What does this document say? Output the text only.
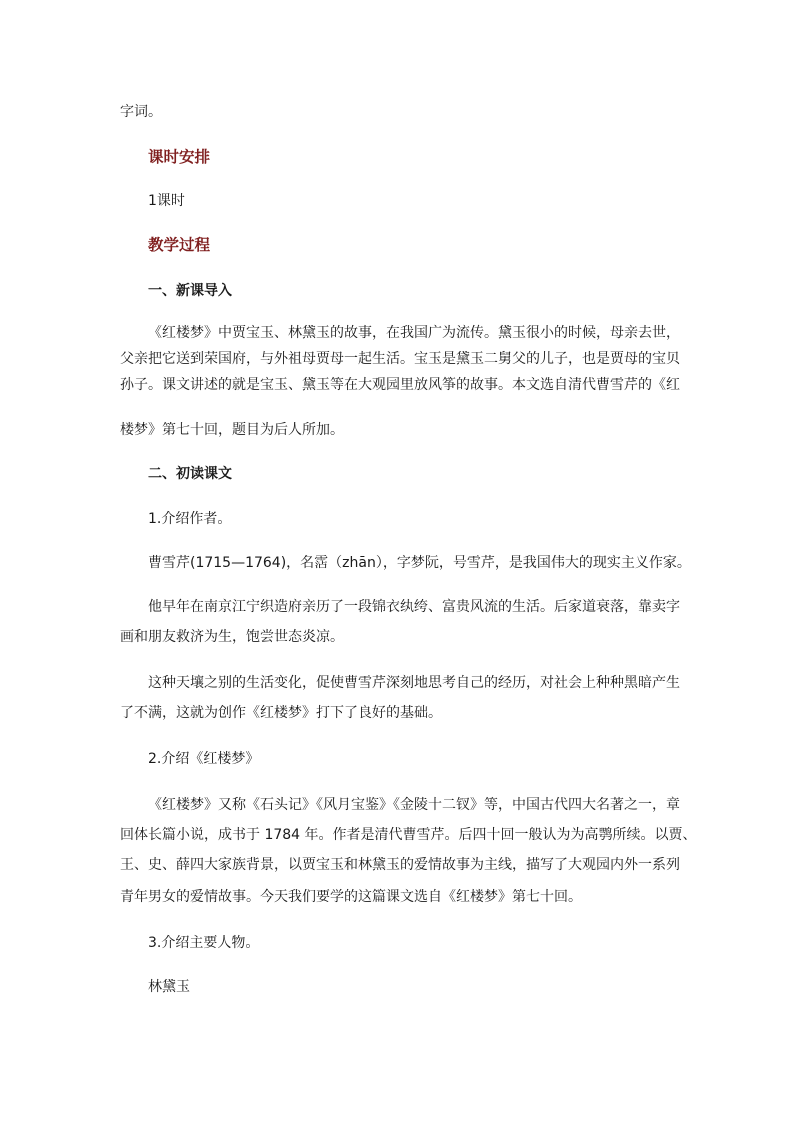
字词。
课时安排
1课时
教学过程
一、新课导入
《红楼梦》中贾宝玉、林黛玉的故事，在我国广为流传。黛玉很小的时候，母亲去世，
父亲把它送到荣国府，与外祖母贾母一起生活。宝玉是黛玉二舅父的儿子，也是贾母的宝贝
孙子。课文讲述的就是宝玉、黛玉等在大观园里放风筝的故事。本文选自清代曹雪芹的《红
楼梦》第七十回，题目为后人所加。
二、初读课文
1.介绍作者。
曹雪芹(1715—1764)，名霑（zhān），字梦阮，号雪芹，是我国伟大的现实主义作家。
他早年在南京江宁织造府亲历了一段锦衣纨绔、富贵风流的生活。后家道衰落，靠卖字
画和朋友救济为生，饱尝世态炎凉。
这种天壤之别的生活变化，促使曹雪芹深刻地思考自己的经历，对社会上种种黑暗产生
了不满，这就为创作《红楼梦》打下了良好的基础。
2.介绍《红楼梦》
《红楼梦》又称《石头记》《风月宝鉴》《金陵十二钗》等，中国古代四大名著之一，章
回体长篇小说，成书于 1784 年。作者是清代曹雪芹。后四十回一般认为为高鹗所续。以贾、
王、史、薛四大家族背景，以贾宝玉和林黛玉的爱情故事为主线，描写了大观园内外一系列
青年男女的爱情故事。今天我们要学的这篇课文选自《红楼梦》第七十回。
3.介绍主要人物。
林黛玉
